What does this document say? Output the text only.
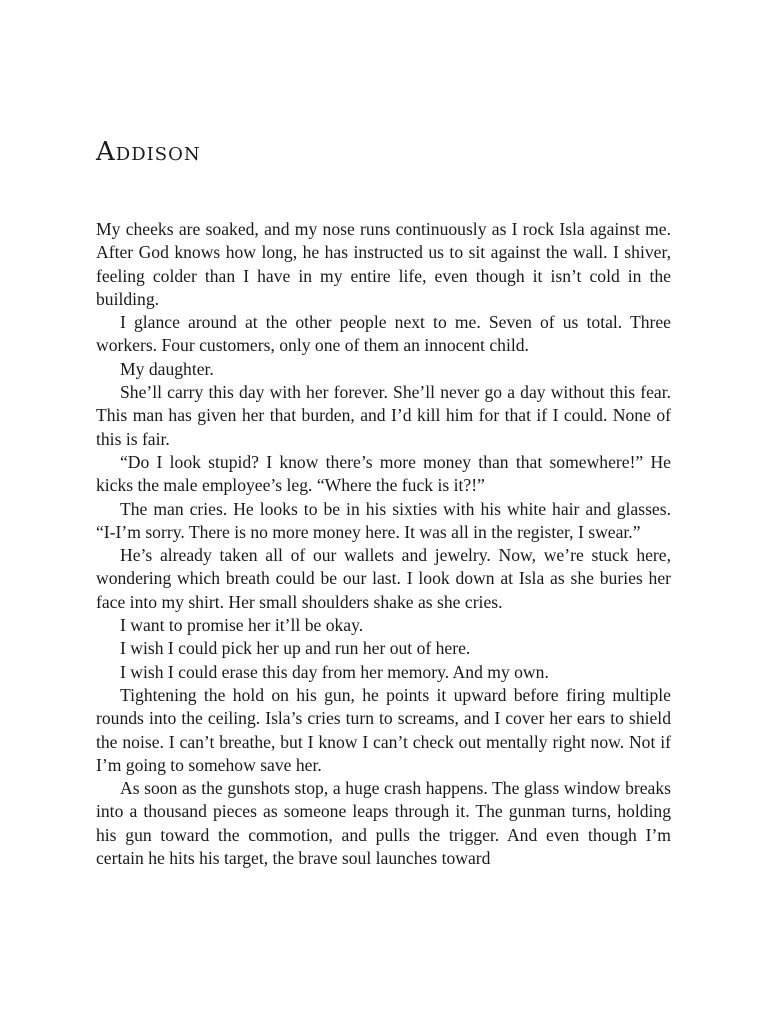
Addison

My cheeks are soaked, and my nose runs continuously as I rock Isla against me. After God knows how long, he has instructed us to sit against the wall. I shiver, feeling colder than I have in my entire life, even though it isn’t cold in the building.

I glance around at the other people next to me. Seven of us total. Three workers. Four customers, only one of them an innocent child.

My daughter.

She’ll carry this day with her forever. She’ll never go a day without this fear. This man has given her that burden, and I’d kill him for that if I could. None of this is fair.

“Do I look stupid? I know there’s more money than that somewhere!” He kicks the male employee’s leg. “Where the fuck is it?!”

The man cries. He looks to be in his sixties with his white hair and glasses. “I-I’m sorry. There is no more money here. It was all in the register, I swear.”

He’s already taken all of our wallets and jewelry. Now, we’re stuck here, wondering which breath could be our last. I look down at Isla as she buries her face into my shirt. Her small shoulders shake as she cries.

I want to promise her it’ll be okay.

I wish I could pick her up and run her out of here.

I wish I could erase this day from her memory. And my own.

Tightening the hold on his gun, he points it upward before firing multiple rounds into the ceiling. Isla’s cries turn to screams, and I cover her ears to shield the noise. I can’t breathe, but I know I can’t check out mentally right now. Not if I’m going to somehow save her.

As soon as the gunshots stop, a huge crash happens. The glass window breaks into a thousand pieces as someone leaps through it. The gunman turns, holding his gun toward the commotion, and pulls the trigger. And even though I’m certain he hits his target, the brave soul launches toward
